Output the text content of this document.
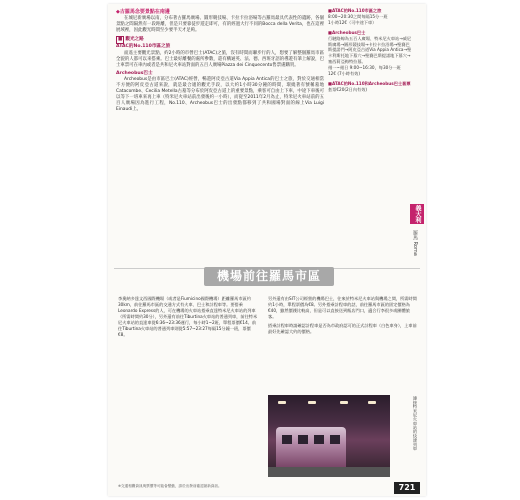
◆古羅馬念要景點在南邊

在城尼新廣場以南，分布著古羅馬廣場、圓形競技場、卡拉卡拉浴場等古羅馬最具代表性的遺跡，各個景點之間隔然有一段距離，但是只要靠徒步遊走即可，有的經過大行不同的Bocca della Verita，也在這裡展域裡，因此觀光時間至少要半天才足夠。

■ 觀光之路
ATAC的No.110市區之旅

面遙主要觀光景點，約2小時的市營巴士(ATAC)之旅，沒有時間而聯步行的人，想要了解整個羅馬市區全貌的人都可以來搭乘。巴士最好離餐的處所參數，還有構通英、法、德、西班牙語的導遊有筆上解說，巴士車票可在車內或者是共和尼火車站對面的五百人廣場Piazza dei Cinquecento售票處購買。

Archeobus巴士

Archeobus是由市區巴士(ATAC)經營，暢遊阿皮亞古道Via Appia Antica的巴士之旅，對於交通相當不方便的阿皮亞古道來說，就是最合適的觀光手段，以大約1小時30分鐘的時間，環繞著有號稱墓地Catacombe、Cecilia Metella古墓等分布於阿皮亞古道上的重要景點，乘客可自由上下車，中途下車後可以等下一班車來再上車（特米尼火車站前出發後約一小時），而從至2011年2月為止，特米尼火車站前的五百人廣場因為進行工程，No.110、Archeobus巴士的出發點都移到了共和國場對面的線上Via Luigi Einaudi上。

■ATAC的No.110市區之旅
8:00~20:30之間每隔15分一班
1小時12€（可中途下車）
■Archeobus巴士
行駛路線為五百人廣場、特米尼火車站→威尼斯廣場→圓形競技場→卡拉卡拉浴場→聖賽巴斯提諾門→阿皮亞古道Via Appia Antica→聖卡利斯托地下墓穴→聖賽巴斯提諾地下墓穴→塞西莉亞梅特拉墓。
週一~週日 9:00~16:30，每30分一班
12€ (7小時有效)
■ATAC的No.110和Archeobus巴士套票
套票€20(2日內有效)
義大利
羅馬 Roma
機場前往羅馬市區
李奧納多達文西國際機場（或者是Fiumicino國際機場）距離羅馬市區約30km，前往羅馬市區的交通方式有火車、巴士和計程車等。要搭乘Leonardo Express的人，可在機場的火車站搭乘直達特米尼火車站的列車（所需時間約30分），另外還有前往Tiburtina火車站的普通列車，前往特米尼火車站的直達車從6:36~23:36運行，每小時1~2班，單程票價€14。前往Tiburtina火車站的普通列車則從5:57~23:27每隔15分鐘一班，票價€8。
另外還有由SIT公司經營的機場巴士，往來於特米尼火車站與機場之間，所需時間約1小時，單程票價為€8。另外搭乘計程車的話，前往羅馬市區的固定價格為€40，雖然價錢比較高，但是可以直接送到飯店門口，適合行李很多或團體旅客。
搭乘計程車時請確認計程車是否為市政府認可的正式計程車（白色車身），上車前最好先確認大約的價格。
連接特米尼火車站的快速列車
※交通相關資訊與票價等可能會變動，請於出發前確認最新資訊。	721
